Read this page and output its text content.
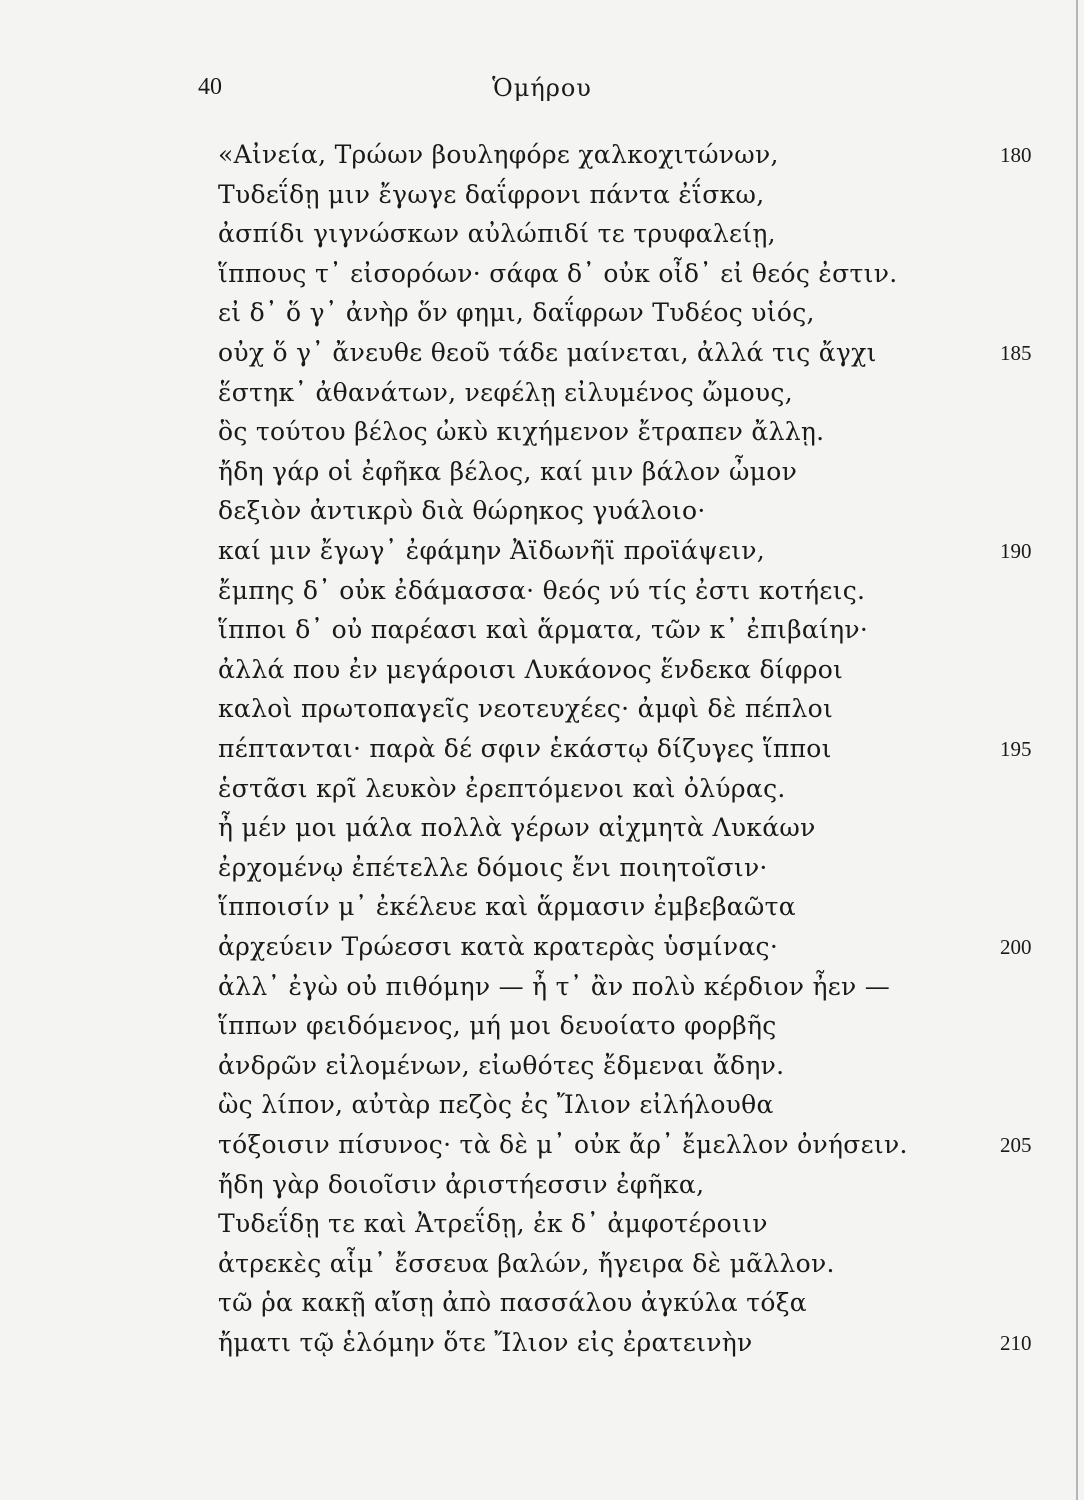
40	Ὁμήρου
«Αἰνεία, Τρώων βουληφόρε χαλκοχιτώνων,	180
Τυδεΐδῃ μιν ἔγωγε δαΐφρονι πάντα ἐΐσκω,
ἀσπίδι γιγνώσκων αὐλώπιδί τε τρυφαλείῃ,
ἵππους τ᾽ εἰσορόων· σάφα δ᾽ οὐκ οἶδ᾽ εἰ θεός ἐστιν.
εἰ δ᾽ ὅ γ᾽ ἀνὴρ ὅν φημι, δαΐφρων Τυδέος υἱός,
οὐχ ὅ γ᾽ ἄνευθε θεοῦ τάδε μαίνεται, ἀλλά τις ἄγχι	185
ἕστηκ᾽ ἀθανάτων, νεφέλῃ εἰλυμένος ὤμους,
ὃς τούτου βέλος ὠκὺ κιχήμενον ἔτραπεν ἄλλῃ.
ἤδη γάρ οἱ ἐφῆκα βέλος, καί μιν βάλον ὦμον
δεξιὸν ἀντικρὺ διὰ θώρηκος γυάλοιο·
καί μιν ἔγωγ᾽ ἐφάμην Ἀϊδωνῆϊ προϊάψειν,	190
ἔμπης δ᾽ οὐκ ἐδάμασσα· θεός νύ τίς ἐστι κοτήεις.
ἵπποι δ᾽ οὐ παρέασι καὶ ἅρματα, τῶν κ᾽ ἐπιβαίην·
ἀλλά που ἐν μεγάροισι Λυκάονος ἕνδεκα δίφροι
καλοὶ πρωτοπαγεῖς νεοτευχέες· ἀμφὶ δὲ πέπλοι
πέπτανται· παρὰ δέ σφιν ἑκάστῳ δίζυγες ἵπποι	195
ἑστᾶσι κρῖ λευκὸν ἐρεπτόμενοι καὶ ὀλύρας.
ἦ μέν μοι μάλα πολλὰ γέρων αἰχμητὰ Λυκάων
ἐρχομένῳ ἐπέτελλε δόμοις ἔνι ποιητοῖσιν·
ἵπποισίν μ᾽ ἐκέλευε καὶ ἅρμασιν ἐμβεβαῶτα
ἀρχεύειν Τρώεσσι κατὰ κρατερὰς ὑσμίνας·	200
ἀλλ᾽ ἐγὼ οὐ πιθόμην — ἦ τ᾽ ἂν πολὺ κέρδιον ἦεν —
ἵππων φειδόμενος, μή μοι δευοίατο φορβῆς
ἀνδρῶν εἰλομένων, εἰωθότες ἔδμεναι ἄδην.
ὣς λίπον, αὐτὰρ πεζὸς ἐς Ἴλιον εἰλήλουθα
τόξοισιν πίσυνος· τὰ δὲ μ᾽ οὐκ ἄρ᾽ ἔμελλον ὀνήσειν.	205
ἤδη γὰρ δοιοῖσιν ἀριστήεσσιν ἐφῆκα,
Τυδεΐδῃ τε καὶ Ἀτρεΐδῃ, ἐκ δ᾽ ἀμφοτέροιιν
ἀτρεκὲς αἷμ᾽ ἔσσευα βαλών, ἤγειρα δὲ μᾶλλον.
τῶ ῥα κακῇ αἴσῃ ἀπὸ πασσάλου ἀγκύλα τόξα
ἤματι τῷ ἑλόμην ὅτε Ἴλιον εἰς ἐρατεινὴν	210
